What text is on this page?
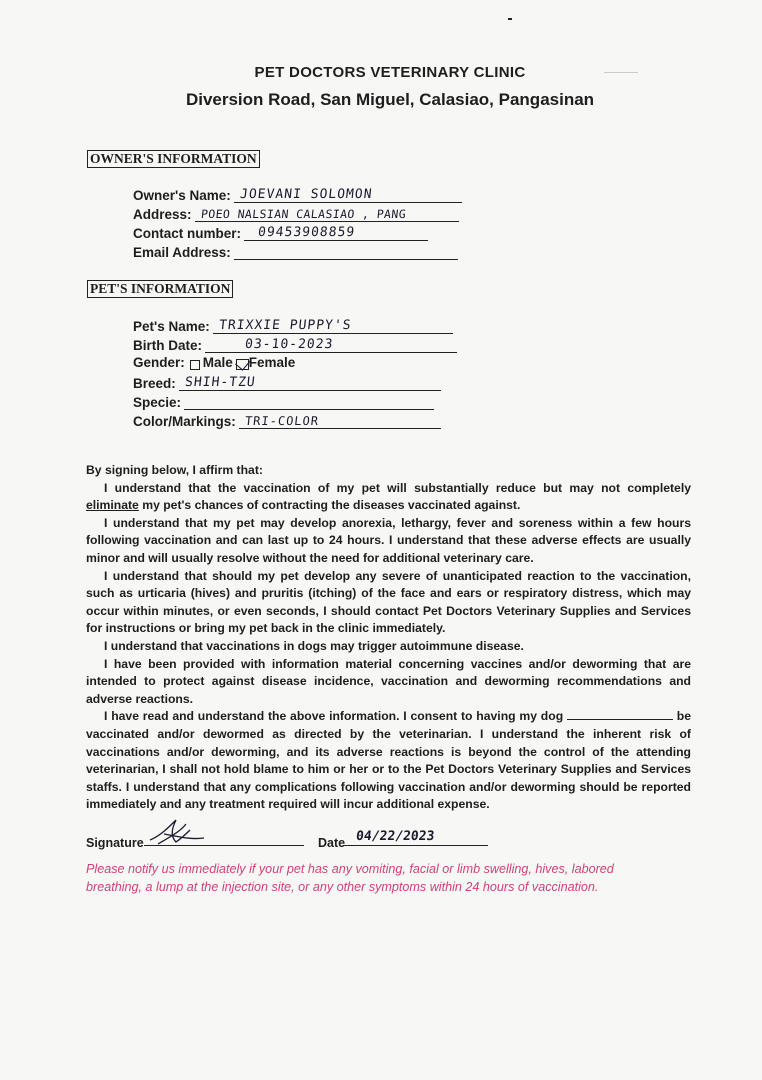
PET DOCTORS VETERINARY CLINIC
Diversion Road, San Miguel, Calasiao, Pangasinan
OWNER'S INFORMATION
Owner's Name: JOEVANI SOLOMON
Address: POEO NALSIAN CALASIAO , PANG
Contact number: 09453908859
Email Address:
PET'S INFORMATION
Pet's Name: TRIXXIE PUPPY'S
Birth Date:	03-10-2023
Gender: Male Female
Breed: SHIH-TZU
Specie:
Color/Markings: TRI-COLOR

By signing below, I affirm that:

I understand that the vaccination of my pet will substantially reduce but may not completely eliminate my pet's chances of contracting the diseases vaccinated against.

I understand that my pet may develop anorexia, lethargy, fever and soreness within a few hours following vaccination and can last up to 24 hours. I understand that these adverse effects are usually minor and will usually resolve without the need for additional veterinary care.

I understand that should my pet develop any severe of unanticipated reaction to the vaccination, such as urticaria (hives) and pruritis (itching) of the face and ears or respiratory distress, which may occur within minutes, or even seconds, I should contact Pet Doctors Veterinary Supplies and Services for instructions or bring my pet back in the clinic immediately.

I understand that vaccinations in dogs may trigger autoimmune disease.

I have been provided with information material concerning vaccines and/or deworming that are intended to protect against disease incidence, vaccination and deworming recommendations and adverse reactions.

I have read and understand the above information. I consent to having my dog	be vaccinated and/or dewormed as directed by the veterinarian. I understand the inherent risk of vaccinations and/or deworming, and its adverse reactions is beyond the control of the attending veterinarian, I shall not hold blame to him or her or to the Pet Doctors Veterinary Supplies and Services staffs. I understand that any complications following vaccination and/or deworming should be reported immediately and any treatment required will incur additional expense.

Signature	Date 04/22/2023
Please notify us immediately if your pet has any vomiting, facial or limb swelling, hives, labored breathing, a lump at the injection site, or any other symptoms within 24 hours of vaccination.
